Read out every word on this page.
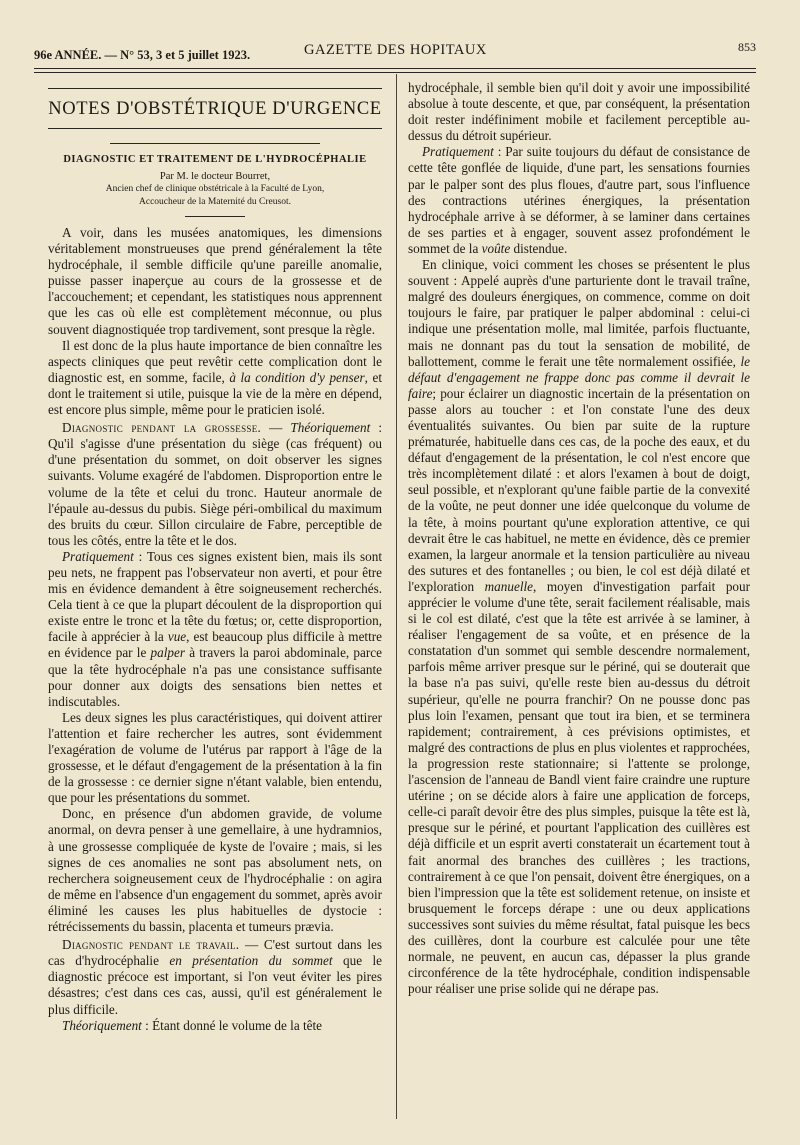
96e ANNÉE. — N° 53, 3 et 5 juillet 1923.	GAZETTE DES HOPITAUX	853
NOTES D'OBSTÉTRIQUE D'URGENCE
DIAGNOSTIC ET TRAITEMENT DE L'HYDROCÉPHALIE
Par M. le docteur Bourret,
Ancien chef de clinique obstétricale à la Faculté de Lyon,
Accoucheur de la Maternité du Creusot.

A voir, dans les musées anatomiques, les dimensions véritablement monstrueuses que prend généralement la tête hydrocéphale, il semble difficile qu'une pareille anomalie, puisse passer inaperçue au cours de la grossesse et de l'accouchement; et cependant, les statistiques nous apprennent que les cas où elle est complètement méconnue, ou plus souvent diagnostiquée trop tardivement, sont presque la règle.

Il est donc de la plus haute importance de bien connaître les aspects cliniques que peut revêtir cette complication dont le diagnostic est, en somme, facile, à la condition d'y penser, et dont le traitement si utile, puisque la vie de la mère en dépend, est encore plus simple, même pour le praticien isolé.

Diagnostic pendant la grossesse. — Théoriquement : Qu'il s'agisse d'une présentation du siège (cas fréquent) ou d'une présentation du sommet, on doit observer les signes suivants. Volume exagéré de l'abdomen. Disproportion entre le volume de la tête et celui du tronc. Hauteur anormale de l'épaule au-dessus du pubis. Siège péri-ombilical du maximum des bruits du cœur. Sillon circulaire de Fabre, perceptible de tous les côtés, entre la tête et le dos.

Pratiquement : Tous ces signes existent bien, mais ils sont peu nets, ne frappent pas l'observateur non averti, et pour être mis en évidence demandent à être soigneusement recherchés. Cela tient à ce que la plupart découlent de la disproportion qui existe entre le tronc et la tête du fœtus; or, cette disproportion, facile à apprécier à la vue, est beaucoup plus difficile à mettre en évidence par le palper à travers la paroi abdominale, parce que la tête hydrocéphale n'a pas une consistance suffisante pour donner aux doigts des sensations bien nettes et indiscutables.

Les deux signes les plus caractéristiques, qui doivent attirer l'attention et faire rechercher les autres, sont évidemment l'exagération de volume de l'utérus par rapport à l'âge de la grossesse, et le défaut d'engagement de la présentation à la fin de la grossesse : ce dernier signe n'étant valable, bien entendu, que pour les présentations du sommet.

Donc, en présence d'un abdomen gravide, de volume anormal, on devra penser à une gemellaire, à une hydramnios, à une grossesse compliquée de kyste de l'ovaire ; mais, si les signes de ces anomalies ne sont pas absolument nets, on recherchera soigneusement ceux de l'hydrocéphalie : on agira de même en l'absence d'un engagement du sommet, après avoir éliminé les causes les plus habituelles de dystocie : rétrécissements du bassin, placenta et tumeurs prævia.

Diagnostic pendant le travail. — C'est surtout dans les cas d'hydrocéphalie en présentation du sommet que le diagnostic précoce est important, si l'on veut éviter les pires désastres; c'est dans ces cas, aussi, qu'il est généralement le plus difficile.

Théoriquement : Étant donné le volume de la tête

hydrocéphale, il semble bien qu'il doit y avoir une impossibilité absolue à toute descente, et que, par conséquent, la présentation doit rester indéfiniment mobile et facilement perceptible au-dessus du détroit supérieur.

Pratiquement : Par suite toujours du défaut de consistance de cette tête gonflée de liquide, d'une part, les sensations fournies par le palper sont des plus floues, d'autre part, sous l'influence des contractions utérines énergiques, la présentation hydrocéphale arrive à se déformer, à se laminer dans certaines de ses parties et à engager, souvent assez profondément le sommet de la voûte distendue.

En clinique, voici comment les choses se présentent le plus souvent : Appelé auprès d'une parturiente dont le travail traîne, malgré des douleurs énergiques, on commence, comme on doit toujours le faire, par pratiquer le palper abdominal : celui-ci indique une présentation molle, mal limitée, parfois fluctuante, mais ne donnant pas du tout la sensation de mobilité, de ballottement, comme le ferait une tête normalement ossifiée, le défaut d'engagement ne frappe donc pas comme il devrait le faire; pour éclairer un diagnostic incertain de la présentation on passe alors au toucher : et l'on constate l'une des deux éventualités suivantes. Ou bien par suite de la rupture prématurée, habituelle dans ces cas, de la poche des eaux, et du défaut d'engagement de la présentation, le col n'est encore que très incomplètement dilaté : et alors l'examen à bout de doigt, seul possible, et n'explorant qu'une faible partie de la convexité de la voûte, ne peut donner une idée quelconque du volume de la tête, à moins pourtant qu'une exploration attentive, ce qui devrait être le cas habituel, ne mette en évidence, dès ce premier examen, la largeur anormale et la tension particulière au niveau des sutures et des fontanelles ; ou bien, le col est déjà dilaté et l'exploration manuelle, moyen d'investigation parfait pour apprécier le volume d'une tête, serait facilement réalisable, mais si le col est dilaté, c'est que la tête est arrivée à se laminer, à réaliser l'engagement de sa voûte, et en présence de la constatation d'un sommet qui semble descendre normalement, parfois même arriver presque sur le périné, qui se douterait que la base n'a pas suivi, qu'elle reste bien au-dessus du détroit supérieur, qu'elle ne pourra franchir? On ne pousse donc pas plus loin l'examen, pensant que tout ira bien, et se terminera rapidement; contrairement, à ces prévisions optimistes, et malgré des contractions de plus en plus violentes et rapprochées, la progression reste stationnaire; si l'attente se prolonge, l'ascension de l'anneau de Bandl vient faire craindre une rupture utérine ; on se décide alors à faire une application de forceps, celle-ci paraît devoir être des plus simples, puisque la tête est là, presque sur le périné, et pourtant l'application des cuillères est déjà difficile et un esprit averti constaterait un écartement tout à fait anormal des branches des cuillères ; les tractions, contrairement à ce que l'on pensait, doivent être énergiques, on a bien l'impression que la tête est solidement retenue, on insiste et brusquement le forceps dérape : une ou deux applications successives sont suivies du même résultat, fatal puisque les becs des cuillères, dont la courbure est calculée pour une tête normale, ne peuvent, en aucun cas, dépasser la plus grande circonférence de la tête hydrocéphale, condition indispensable pour réaliser une prise solide qui ne dérape pas.
